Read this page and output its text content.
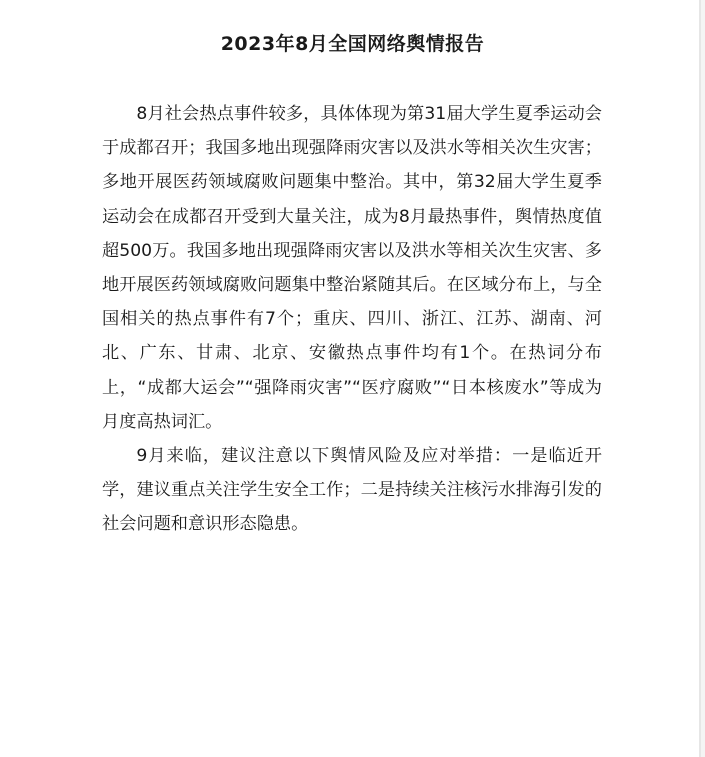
2023年8月全国网络舆情报告

8月社会热点事件较多，具体体现为第31届大学生夏季运动会于成都召开；我国多地出现强降雨灾害以及洪水等相关次生灾害；多地开展医药领域腐败问题集中整治。其中，第32届大学生夏季运动会在成都召开受到大量关注，成为8月最热事件，舆情热度值超500万。我国多地出现强降雨灾害以及洪水等相关次生灾害、多地开展医药领域腐败问题集中整治紧随其后。在区域分布上，与全国相关的热点事件有7个；重庆、四川、浙江、江苏、湖南、河北、广东、甘肃、北京、安徽热点事件均有1个。在热词分布上，“成都大运会”“强降雨灾害”“医疗腐败”“日本核废水”等成为月度高热词汇。

9月来临，建议注意以下舆情风险及应对举措：一是临近开学，建议重点关注学生安全工作；二是持续关注核污水排海引发的社会问题和意识形态隐患。
